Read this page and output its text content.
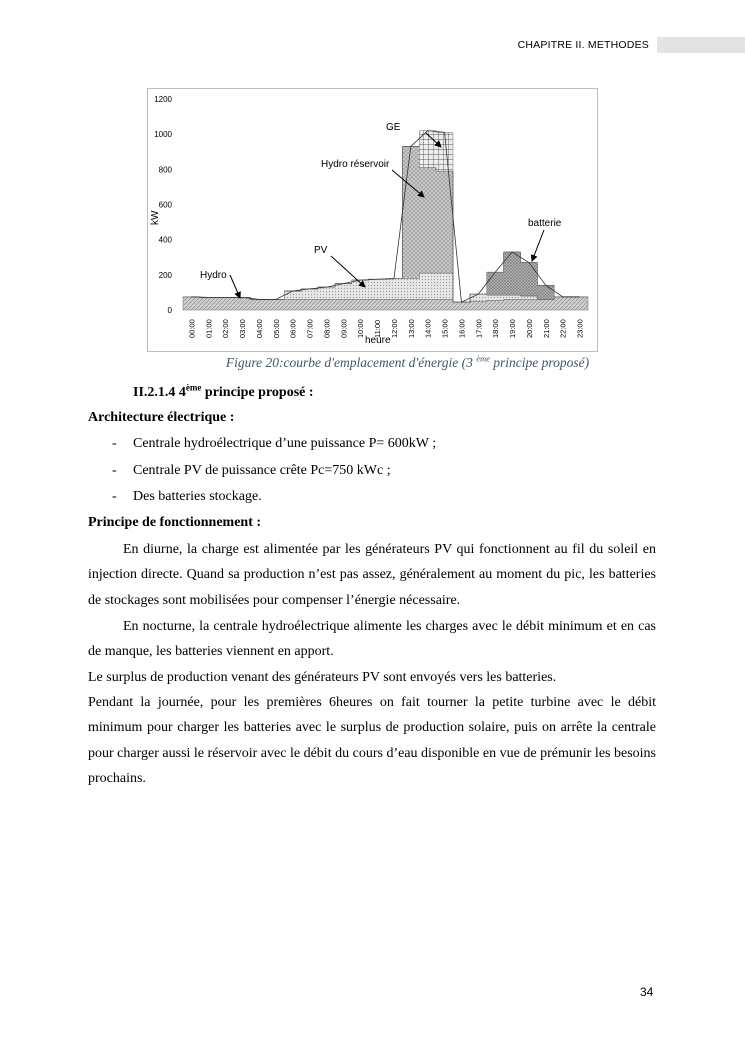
CHAPITRE II. METHODES
0
200
400
600
800
1000
1200
00:00 01:00 02:00 03:00 04:00 05:00 06:00 07:00 08:00 09:00 10:00 11:00 12:00 13:00 14:00 15:00 16:00 17:00 18:00 19:00 20:00 21:00 22:00 23:00
GE
Hydro réservoir
batterie
PV
Hydro
kW
heure
Figure 20:courbe d'emplacement d'énergie (3 $^{ème}$ principe proposé)
II.2.1.4 4ème principe proposé :
Architecture électrique :
- Centrale hydroélectrique d’une puissance P= 600kW ;
- Centrale PV de puissance crête Pc=750 kWc ;
- Des batteries stockage.
Principe de fonctionnement :
En diurne, la charge est alimentée par les générateurs PV qui fonctionnent au fil du soleil en injection directe. Quand sa production n’est pas assez, généralement au moment du pic, les batteries de stockages sont mobilisées pour compenser l’énergie nécessaire.
En nocturne, la centrale hydroélectrique alimente les charges avec le débit minimum et en cas de manque, les batteries viennent en apport.
Le surplus de production venant des générateurs PV sont envoyés vers les batteries.
Pendant la journée, pour les premières 6heures on fait tourner la petite turbine avec le débit minimum pour charger les batteries avec le surplus de production solaire, puis on arrête la centrale pour charger aussi le réservoir avec le débit du cours d’eau disponible en vue de prémunir les besoins prochains.
34
